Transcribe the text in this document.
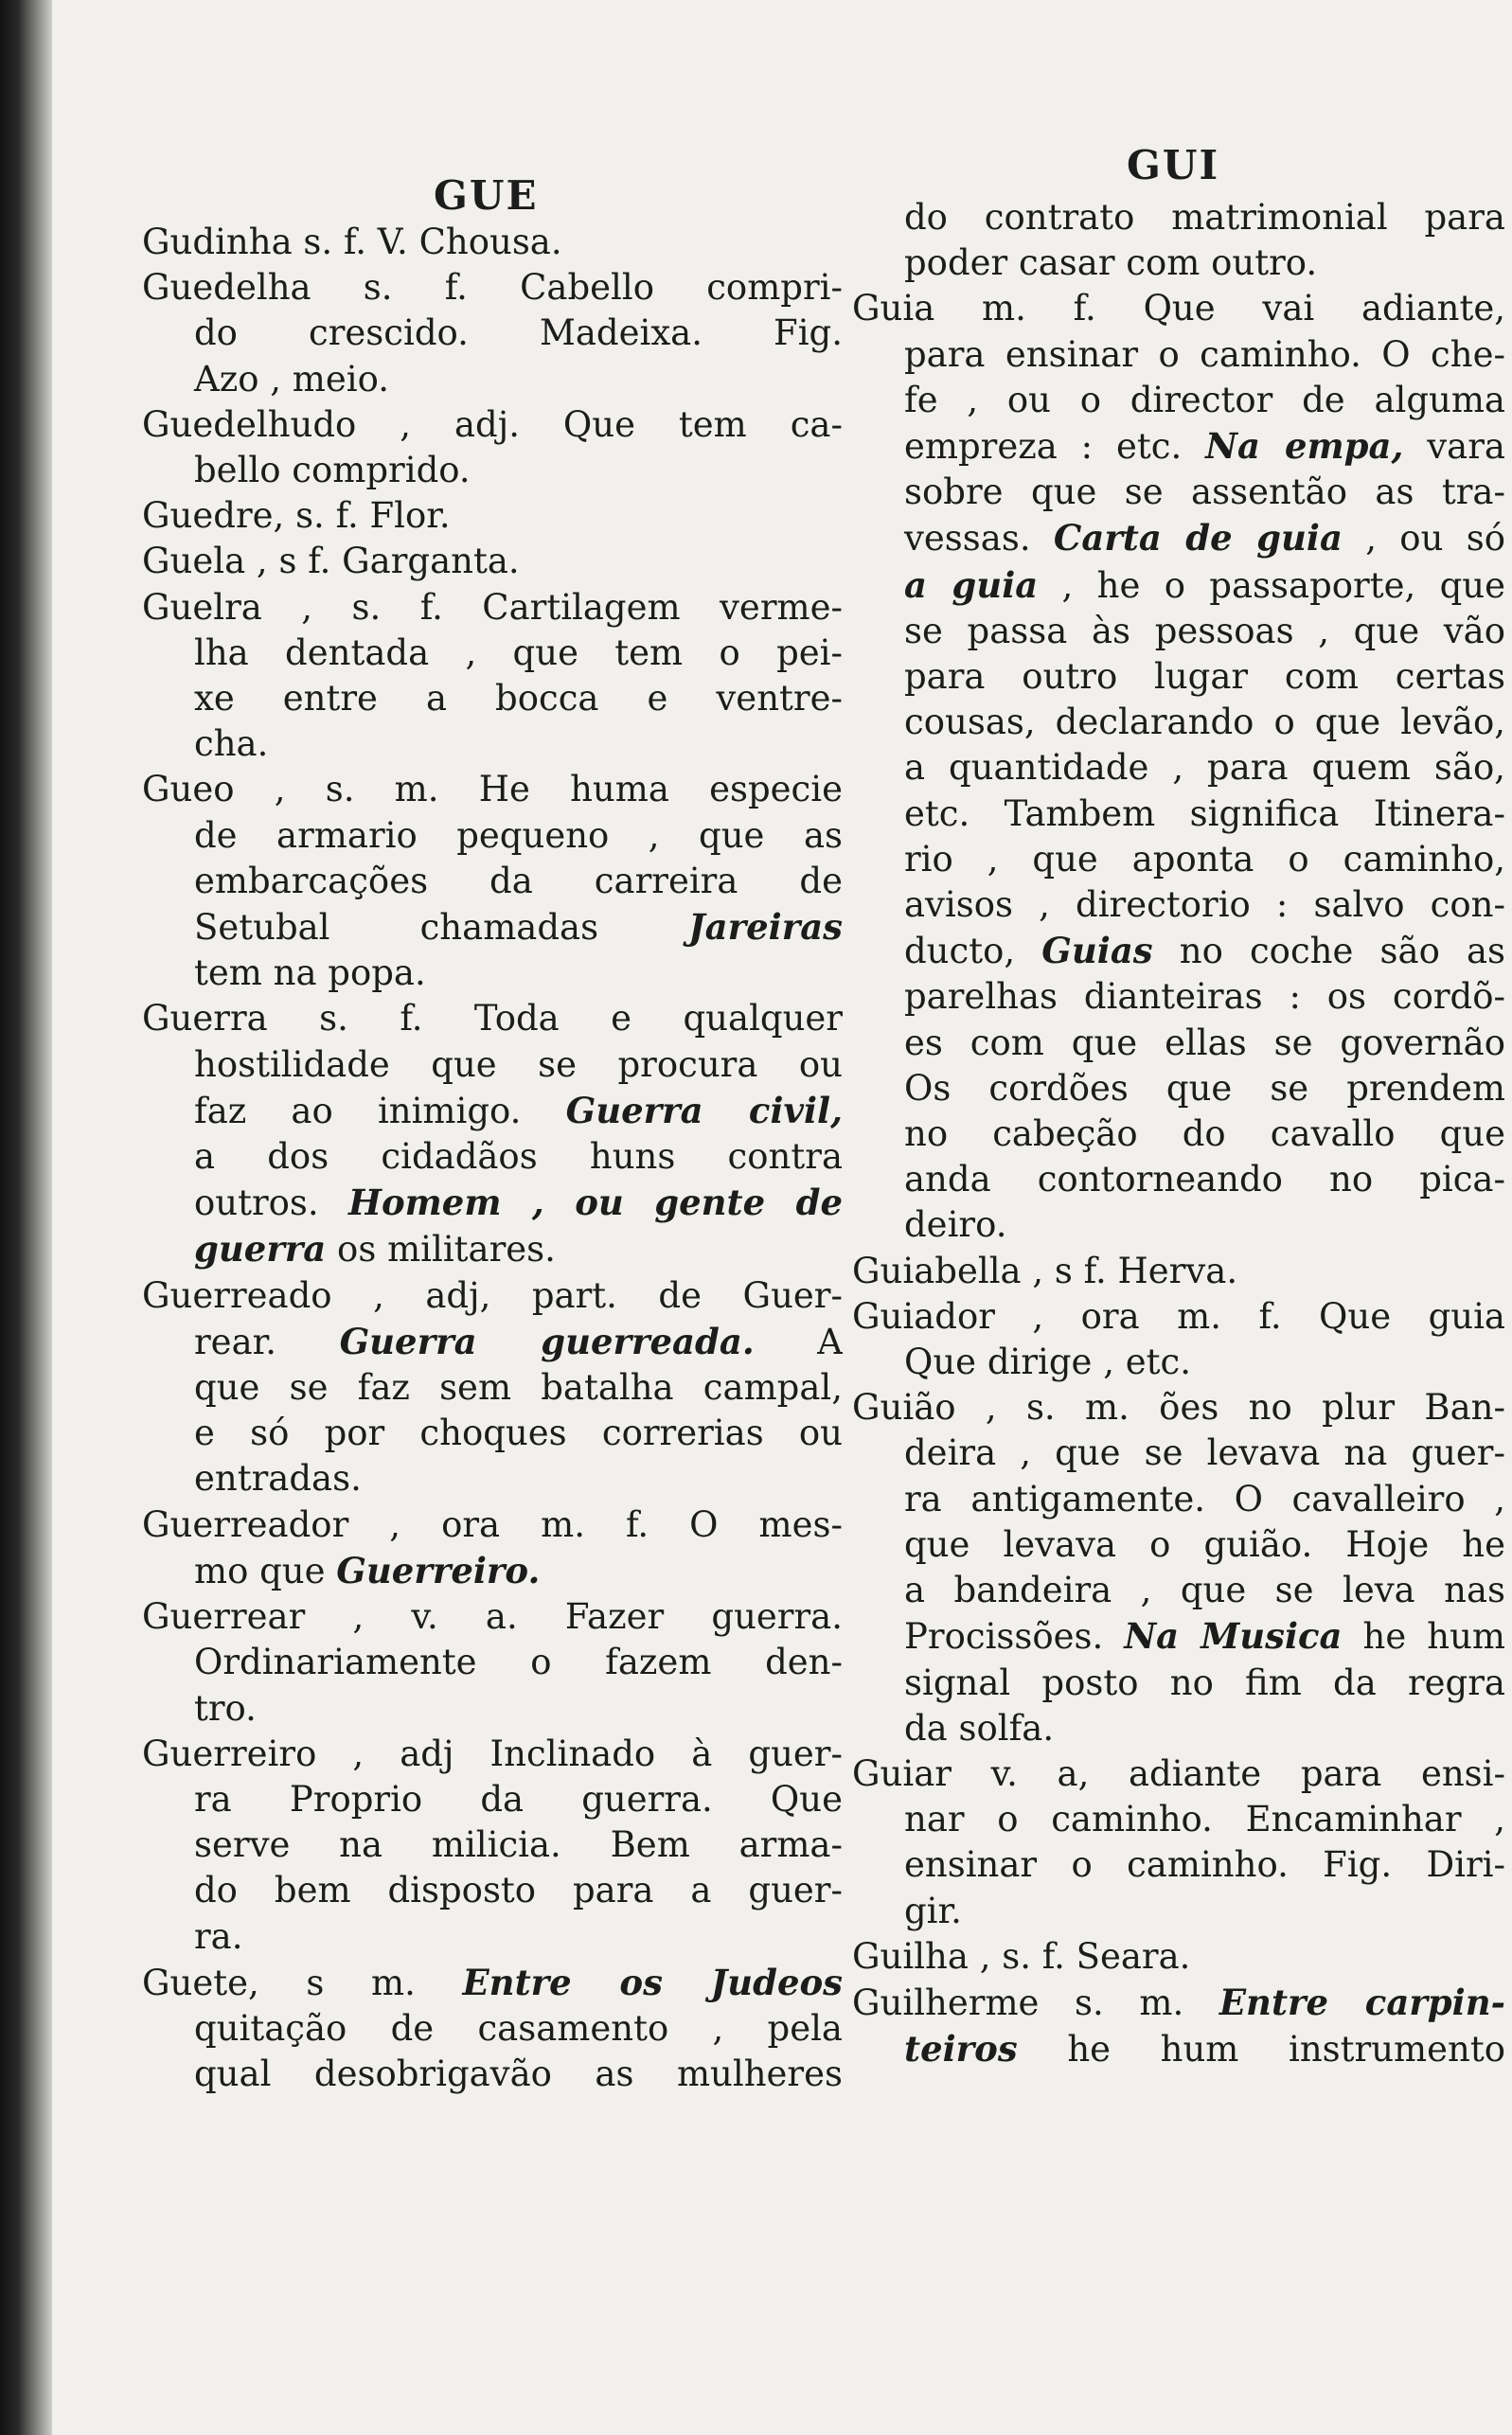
GUE
Gudinha s. f. V. Chousa.
Guedelha s. f. Cabello compri-
do crescido. Madeixa. Fig.
Azo , meio.
Guedelhudo , adj. Que tem ca-
bello comprido.
Guedre, s. f. Flor.
Guela , s f. Garganta.
Guelra , s. f. Cartilagem verme-
lha dentada , que tem o pei-
xe entre a bocca e ventre-
cha.
Gueo , s. m. He huma especie
de armario pequeno , que as
embarcações da carreira de
Setubal chamadas Jareiras
tem na popa.
Guerra s. f. Toda e qualquer
hostilidade que se procura ou
faz ao inimigo. Guerra civil,
a dos cidadãos huns contra
outros. Homem , ou gente de
guerra os militares.
Guerreado , adj, part. de Guer-
rear. Guerra guerreada. A
que se faz sem batalha campal,
e só por choques correrias ou
entradas.
Guerreador , ora m. f. O mes-
mo que Guerreiro.
Guerrear , v. a. Fazer guerra.
Ordinariamente o fazem den-
tro.
Guerreiro , adj Inclinado à guer-
ra Proprio da guerra. Que
serve na milicia. Bem arma-
do bem disposto para a guer-
ra.
Guete, s m. Entre os Judeos
quitação de casamento , pela
qual desobrigavão as mulheres
GUI
do contrato matrimonial para
poder casar com outro.
Guia m. f. Que vai adiante,
para ensinar o caminho. O che-
fe , ou o director de alguma
empreza : etc. Na empa, vara
sobre que se assentão as tra-
vessas. Carta de guia , ou só
a guia , he o passaporte, que
se passa às pessoas , que vão
para outro lugar com certas
cousas, declarando o que levão,
a quantidade , para quem são,
etc. Tambem significa Itinera-
rio , que aponta o caminho,
avisos , directorio : salvo con-
ducto, Guias no coche são as
parelhas dianteiras : os cordõ-
es com que ellas se governão
Os cordões que se prendem
no cabeção do cavallo que
anda contorneando no pica-
deiro.
Guiabella , s f. Herva.
Guiador , ora m. f. Que guia
Que dirige , etc.
Guião , s. m. ões no plur Ban-
deira , que se levava na guer-
ra antigamente. O cavalleiro ,
que levava o guião. Hoje he
a bandeira , que se leva nas
Procissões. Na Musica he hum
signal posto no fim da regra
da solfa.
Guiar v. a, adiante para ensi-
nar o caminho. Encaminhar ,
ensinar o caminho. Fig. Diri-
gir.
Guilha , s. f. Seara.
Guilherme s. m. Entre carpin-
teiros he hum instrumento
